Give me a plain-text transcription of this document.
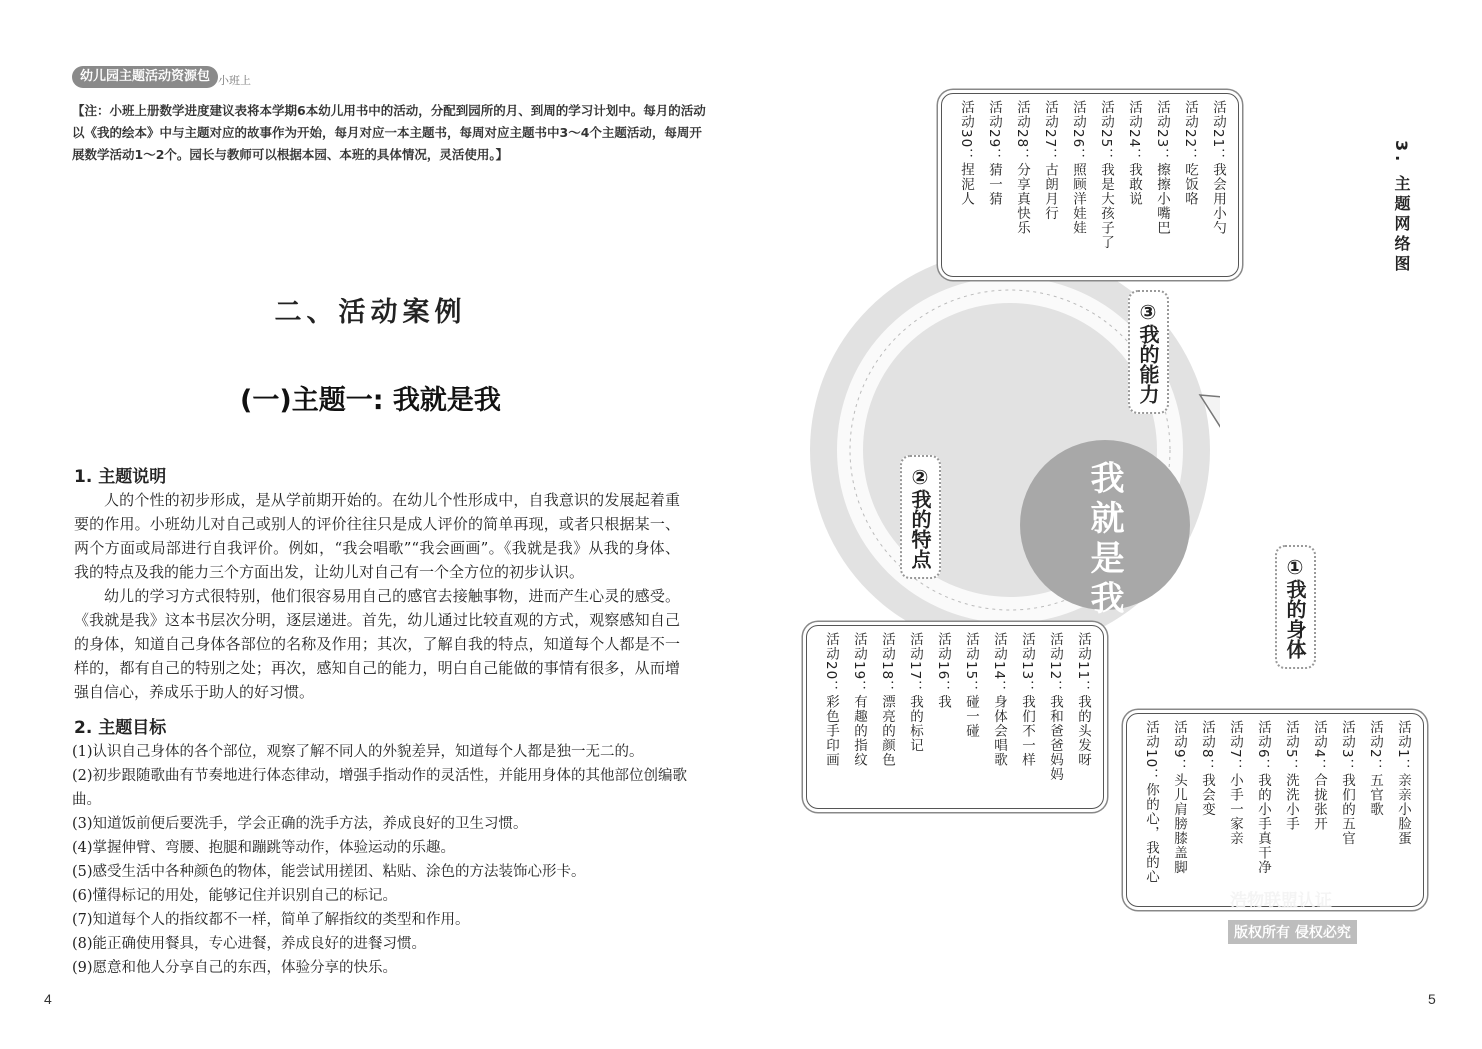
幼儿园主题活动资源包 小班上
【注：小班上册数学进度建议表将本学期6本幼儿用书中的活动，分配到园所的月、到周的学习计划中。每月的活动以《我的绘本》中与主题对应的故事作为开始，每月对应一本主题书，每周对应主题书中3～4个主题活动，每周开展数学活动1～2个。园长与教师可以根据本园、本班的具体情况，灵活使用。】
二、活动案例
(一)主题一: 我就是我
1. 主题说明

人的个性的初步形成，是从学前期开始的。在幼儿个性形成中，自我意识的发展起着重要的作用。小班幼儿对自己或别人的评价往往只是成人评价的简单再现，或者只根据某一、两个方面或局部进行自我评价。例如，“我会唱歌”“我会画画”。《我就是我》从我的身体、我的特点及我的能力三个方面出发，让幼儿对自己有一个全方位的初步认识。

幼儿的学习方式很特别，他们很容易用自己的感官去接触事物，进而产生心灵的感受。《我就是我》这本书层次分明，逐层递进。首先，幼儿通过比较直观的方式，观察感知自己的身体，知道自己身体各部位的名称及作用；其次，了解自我的特点，知道每个人都是不一样的，都有自己的特别之处；再次，感知自己的能力，明白自己能做的事情有很多，从而增强自信心，养成乐于助人的好习惯。

2. 主题目标
(1)认识自己身体的各个部位，观察了解不同人的外貌差异，知道每个人都是独一无二的。
(2)初步跟随歌曲有节奏地进行体态律动，增强手指动作的灵活性，并能用身体的其他部位创编歌曲。
(3)知道饭前便后要洗手，学会正确的洗手方法，养成良好的卫生习惯。
(4)掌握伸臂、弯腰、抱腿和蹦跳等动作，体验运动的乐趣。
(5)感受生活中各种颜色的物体，能尝试用搓团、粘贴、涂色的方法装饰心形卡。
(6)懂得标记的用处，能够记住并识别自己的标记。
(7)知道每个人的指纹都不一样，简单了解指纹的类型和作用。
(8)能正确使用餐具，专心进餐，养成良好的进餐习惯。
(9)愿意和他人分享自己的东西，体验分享的快乐。
4
3. 主题网络图
我就是我	①我的身体
②我的特点
③我的能力
活动21：我会用小勺
活动22：吃饭咯
活动23：擦擦小嘴巴
活动24：我敢说
活动25：我是大孩子了
活动26：照顾洋娃娃
活动27：古朗月行
活动28：分享真快乐
活动29：猜一猜
活动30：捏泥人
活动11：我的头发呀
活动12：我和爸爸妈妈
活动13：我们不一样
活动14：身体会唱歌
活动15：碰一碰
活动16：我
活动17：我的标记
活动18：漂亮的颜色
活动19：有趣的指纹
活动20：彩色手印画
活动1：亲亲小脸蛋
活动2：五官歌
活动3：我们的五官
活动4：合拢张开
活动5：洗洗小手
活动6：我的小手真干净
活动7：小手一家亲
活动8：我会变
活动9：头儿肩膀膝盖脚
活动10：你的心，我的心
浩物联盟认证
版权所有 侵权必究
5
